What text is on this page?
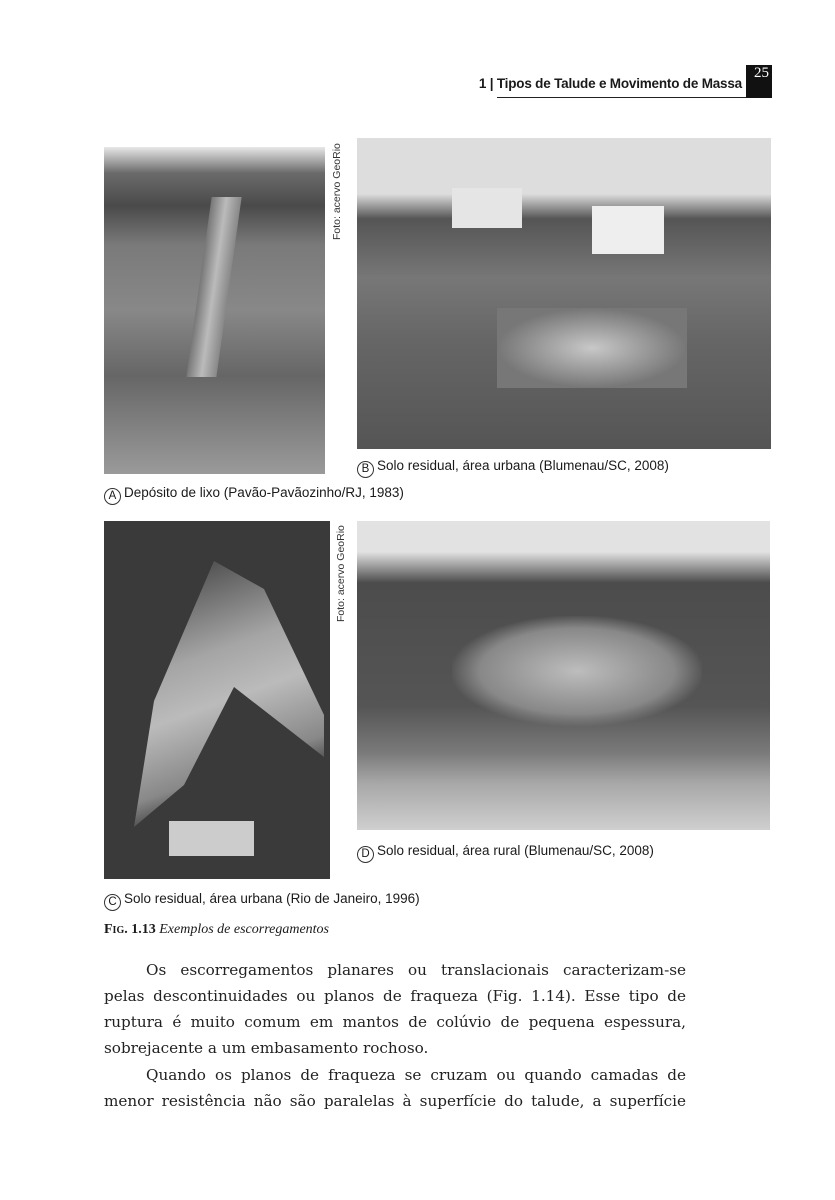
1 | Tipos de Talude e Movimento de Massa
25
Foto: acervo GeoRio
B Solo residual, área urbana (Blumenau/SC, 2008)
A Depósito de lixo (Pavão-Pavãozinho/RJ, 1983)
Foto: acervo GeoRio
D Solo residual, área rural (Blumenau/SC, 2008)
C Solo residual, área urbana (Rio de Janeiro, 1996)
Fig. 1.13 Exemplos de escorregamentos
Os escorregamentos planares ou translacionais caracterizam-se
pelas descontinuidades ou planos de fraqueza (Fig. 1.14). Esse tipo de
ruptura é muito comum em mantos de colúvio de pequena espessura,
sobrejacente a um embasamento rochoso.
Quando os planos de fraqueza se cruzam ou quando camadas de
menor resistência não são paralelas à superfície do talude, a superfície
